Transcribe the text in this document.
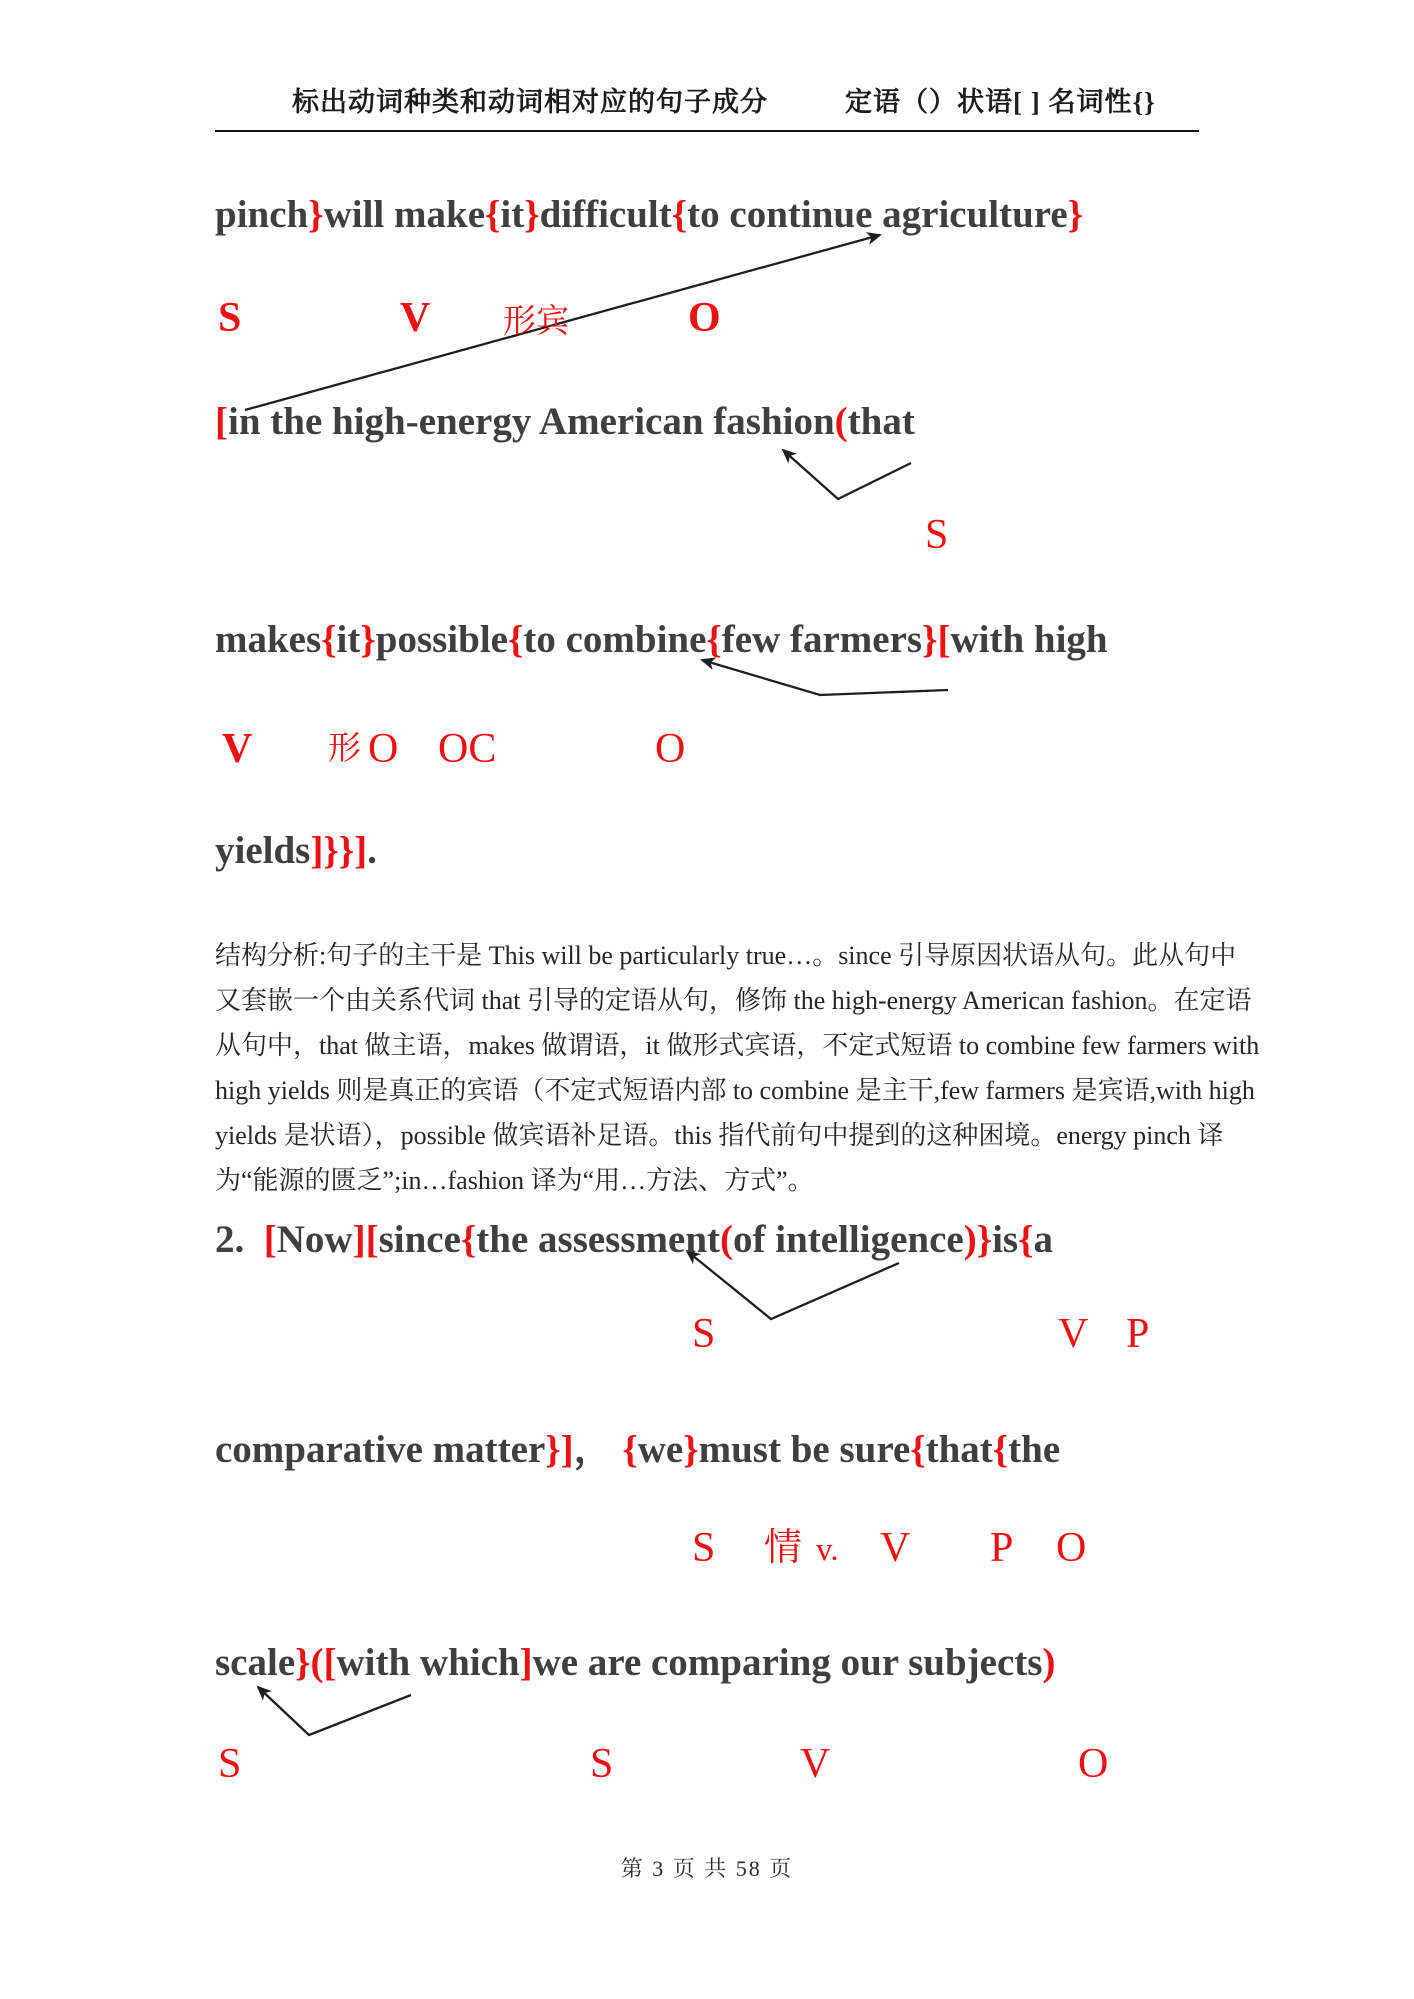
标出动词种类和动词相对应的句子成分	定语（）状语[ ] 名词性{}
pinch}will make{it}difficult{to continue agriculture}
[in the high-energy American fashion(that
makes{it}possible{to combine{few farmers}[with high
yields]}}].
2.  [Now][since{the assessment(of intelligence)}is{a
comparative matter}]， {we}must be sure{that{the
scale}([with which]we are comparing our subjects)
S	V 形宾	O
S
V 形 O OC	O
S	V P
S 情 v. V P O
S	S	V	O
结构分析:句子的主干是 This will be particularly true…。since 引导原因状语从句。此从句中
又套嵌一个由关系代词 that 引导的定语从句，修饰 the high-energy American fashion。在定语
从句中，that 做主语，makes 做谓语，it 做形式宾语，不定式短语 to combine few farmers with
high yields 则是真正的宾语（不定式短语内部 to combine 是主干,few farmers 是宾语,with high
yields 是状语），possible 做宾语补足语。this 指代前句中提到的这种困境。energy pinch 译
为“能源的匮乏”;in…fashion 译为“用…方法、方式”。
第 3 页 共 58 页
